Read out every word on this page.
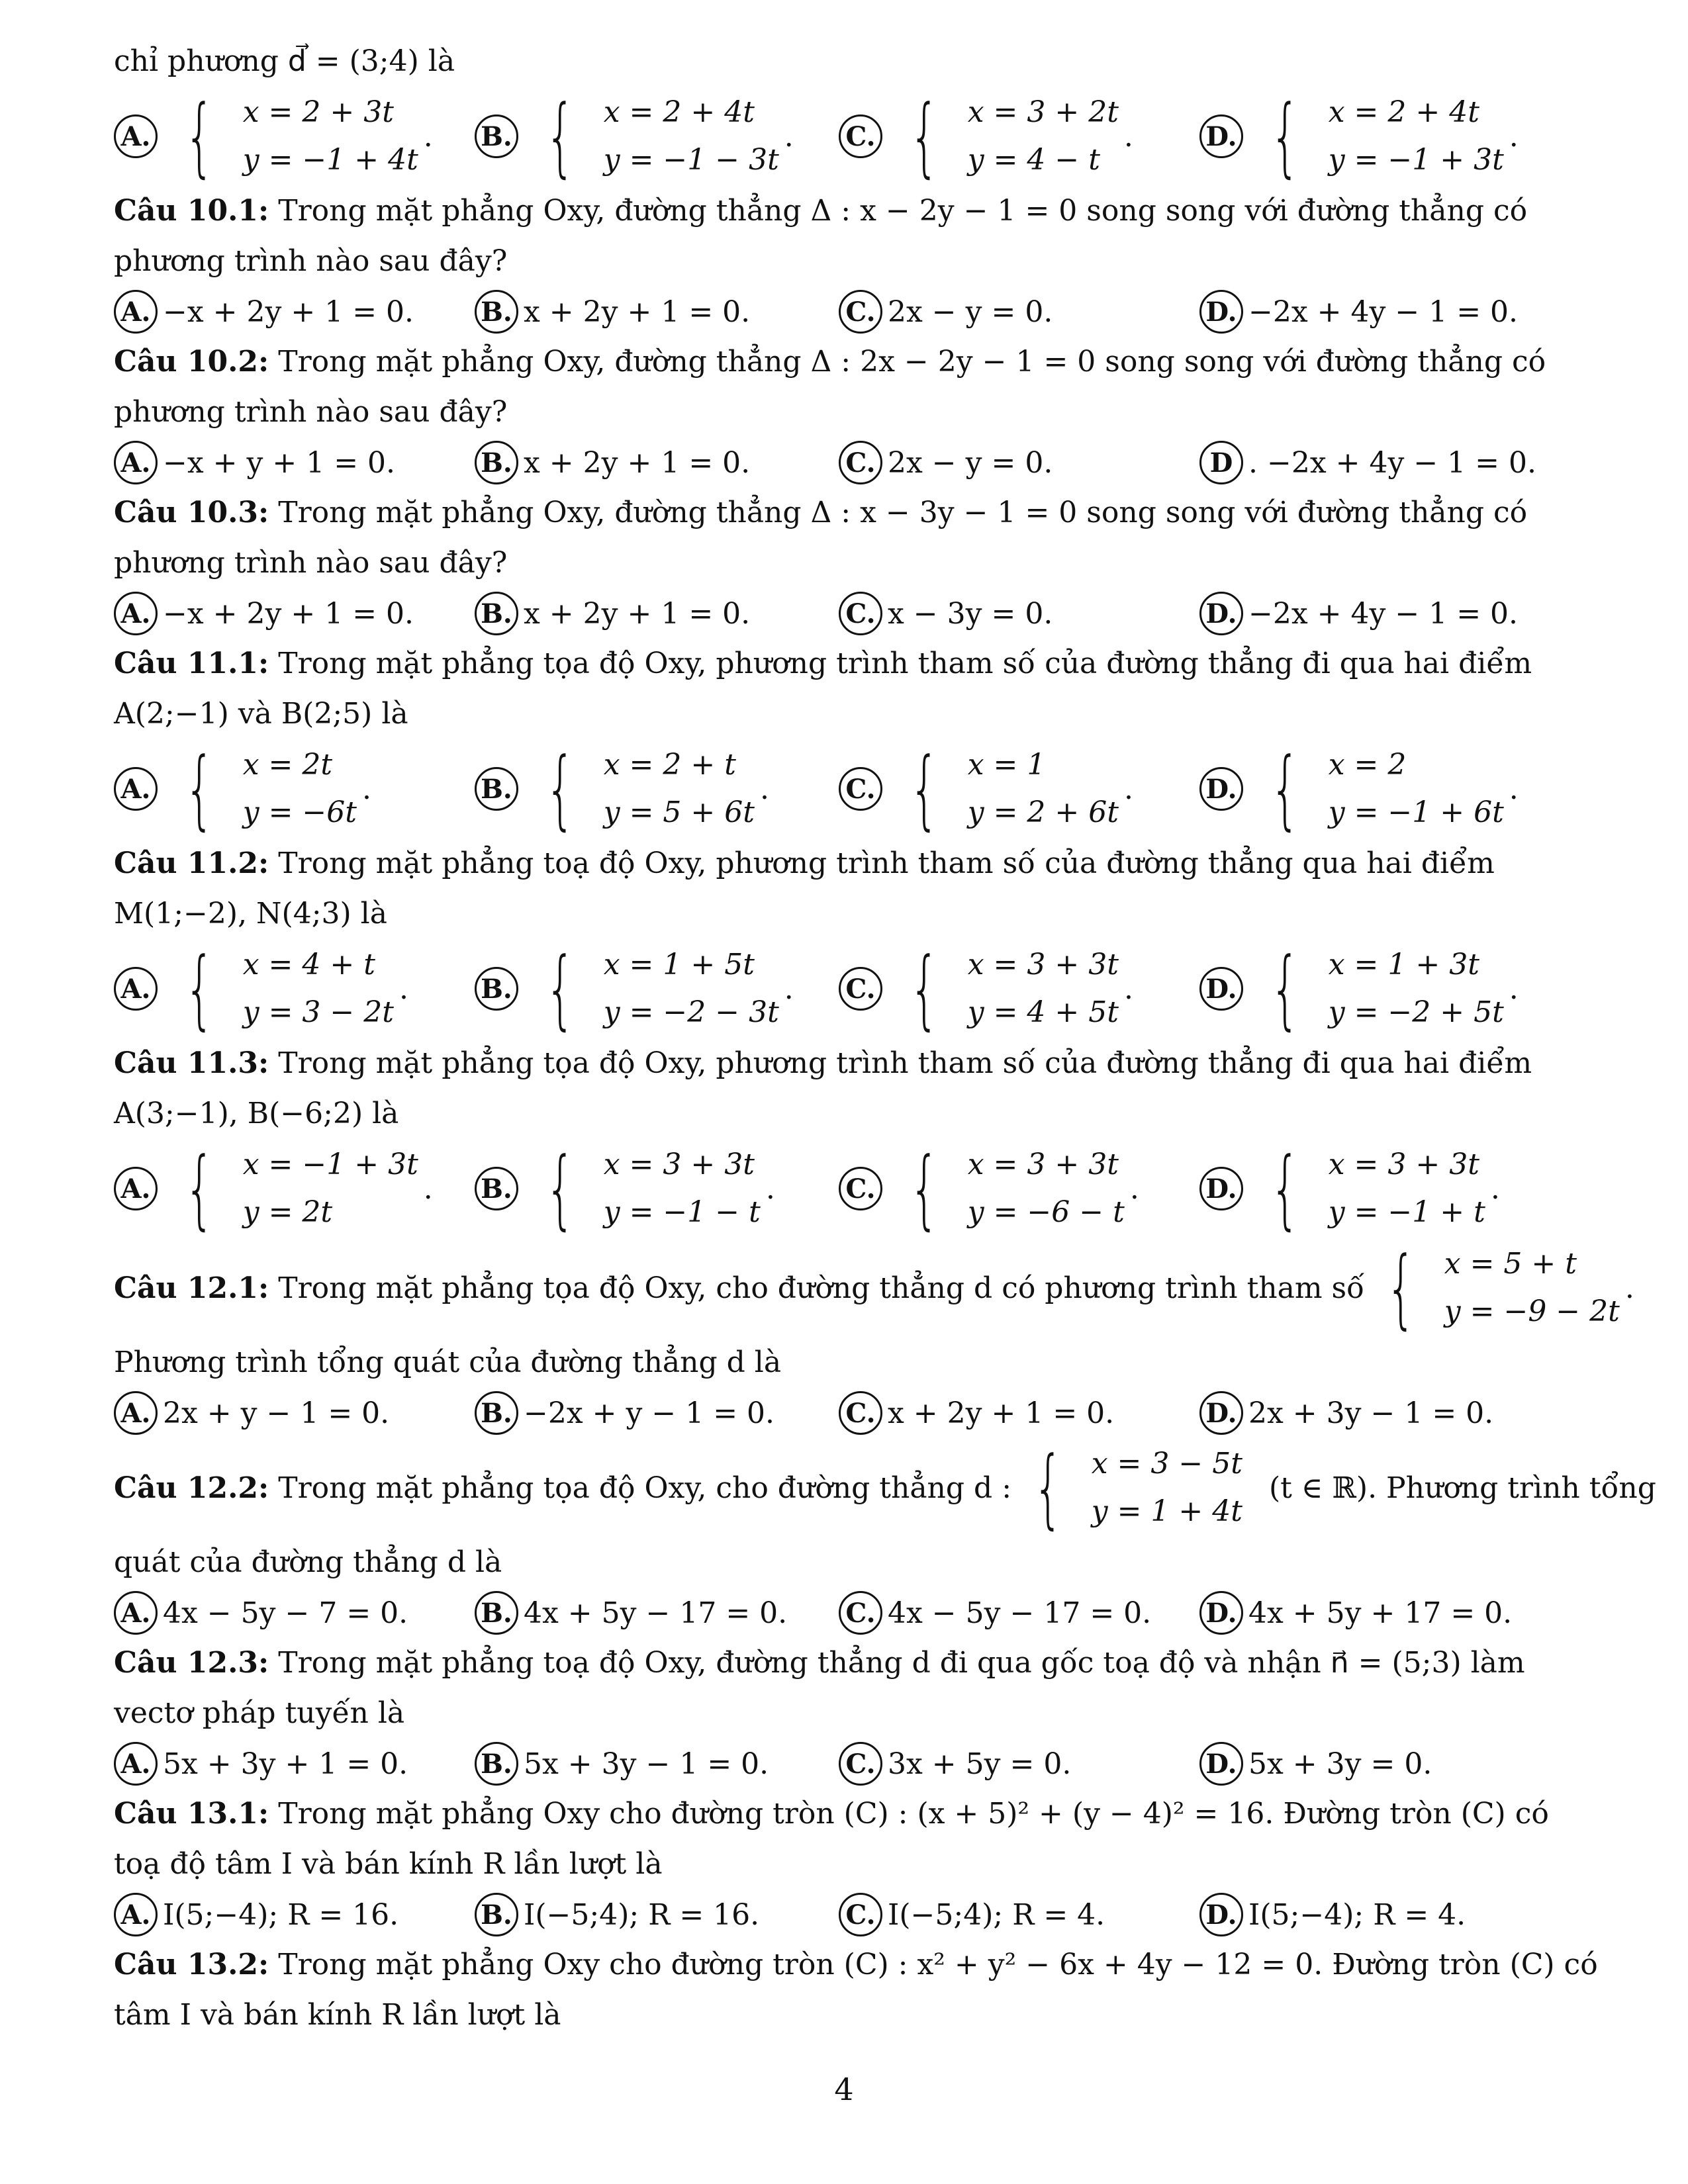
chỉ phương d⃗ = (3;4) là
A. { x = 2 + 3t
y = −1 + 4t
. B. { x = 2 + 4t
y = −1 − 3t
. C. { x = 3 + 2t
y = 4 − t
.	D. { x = 2 + 4t
y = −1 + 3t
.
Câu 10.1: Trong mặt phẳng Oxy, đường thẳng Δ : x − 2y − 1 = 0 song song với đường thẳng có phương trình nào sau đây?
A. −x + 2y + 1 = 0.	B. x + 2y + 1 = 0.	C. 2x − y = 0.	D. −2x + 4y − 1 = 0.
Câu 10.2: Trong mặt phẳng Oxy, đường thẳng Δ : 2x − 2y − 1 = 0 song song với đường thẳng có phương trình nào sau đây?
A. −x + y + 1 = 0.	B. x + 2y + 1 = 0.	C. 2x − y = 0.	D . −2x + 4y − 1 = 0.
Câu 10.3: Trong mặt phẳng Oxy, đường thẳng Δ : x − 3y − 1 = 0 song song với đường thẳng có phương trình nào sau đây?
A. −x + 2y + 1 = 0.	B. x + 2y + 1 = 0.	C. x − 3y = 0.	D. −2x + 4y − 1 = 0.
Câu 11.1: Trong mặt phẳng tọa độ Oxy, phương trình tham số của đường thẳng đi qua hai điểm A(2;−1) và B(2;5) là
A. { x = 2t
y = −6t
.	B. { x = 2 + t
y = 5 + 6t
.	C. { x = 1
y = 2 + 6t
.	D. { x = 2
y = −1 + 6t
.
Câu 11.2: Trong mặt phẳng toạ độ Oxy, phương trình tham số của đường thẳng qua hai điểm M(1;−2), N(4;3) là
A. { x = 4 + t
y = 3 − 2t
.	B. { x = 1 + 5t
y = −2 − 3t
. C. { x = 3 + 3t
y = 4 + 5t
.	D. { x = 1 + 3t
y = −2 + 5t
.
Câu 11.3: Trong mặt phẳng tọa độ Oxy, phương trình tham số của đường thẳng đi qua hai điểm A(3;−1), B(−6;2) là
A. { x = −1 + 3t
y = 2t
. B. { x = 3 + 3t
y = −1 − t
.	C. { x = 3 + 3t
y = −6 − t
.	D. { x = 3 + 3t
y = −1 + t
.
Câu 12.1: Trong mặt phẳng tọa độ Oxy, cho đường thẳng d có phương trình tham số { x = 5 + t
y = −9 − 2t
.
Phương trình tổng quát của đường thẳng d là
A. 2x + y − 1 = 0.	B. −2x + y − 1 = 0.	C. x + 2y + 1 = 0.	D. 2x + 3y − 1 = 0.
Câu 12.2: Trong mặt phẳng tọa độ Oxy, cho đường thẳng d : { x = 3 − 5t
y = 1 + 4t
(t ∈ ℝ). Phương trình tổng
quát của đường thẳng d là
A. 4x − 5y − 7 = 0.	B. 4x + 5y − 17 = 0. C. 4x − 5y − 17 = 0. D. 4x + 5y + 17 = 0.
Câu 12.3: Trong mặt phẳng toạ độ Oxy, đường thẳng d đi qua gốc toạ độ và nhận n⃗ = (5;3) làm vectơ pháp tuyến là
A. 5x + 3y + 1 = 0.	B. 5x + 3y − 1 = 0.	C. 3x + 5y = 0.	D. 5x + 3y = 0.
Câu 13.1: Trong mặt phẳng Oxy cho đường tròn (C) : (x + 5)² + (y − 4)² = 16. Đường tròn (C) có toạ độ tâm I và bán kính R lần lượt là
A. I(5;−4); R = 16.	B. I(−5;4); R = 16.	C. I(−5;4); R = 4.	D. I(5;−4); R = 4.
Câu 13.2: Trong mặt phẳng Oxy cho đường tròn (C) : x² + y² − 6x + 4y − 12 = 0. Đường tròn (C) có tâm I và bán kính R lần lượt là
4
